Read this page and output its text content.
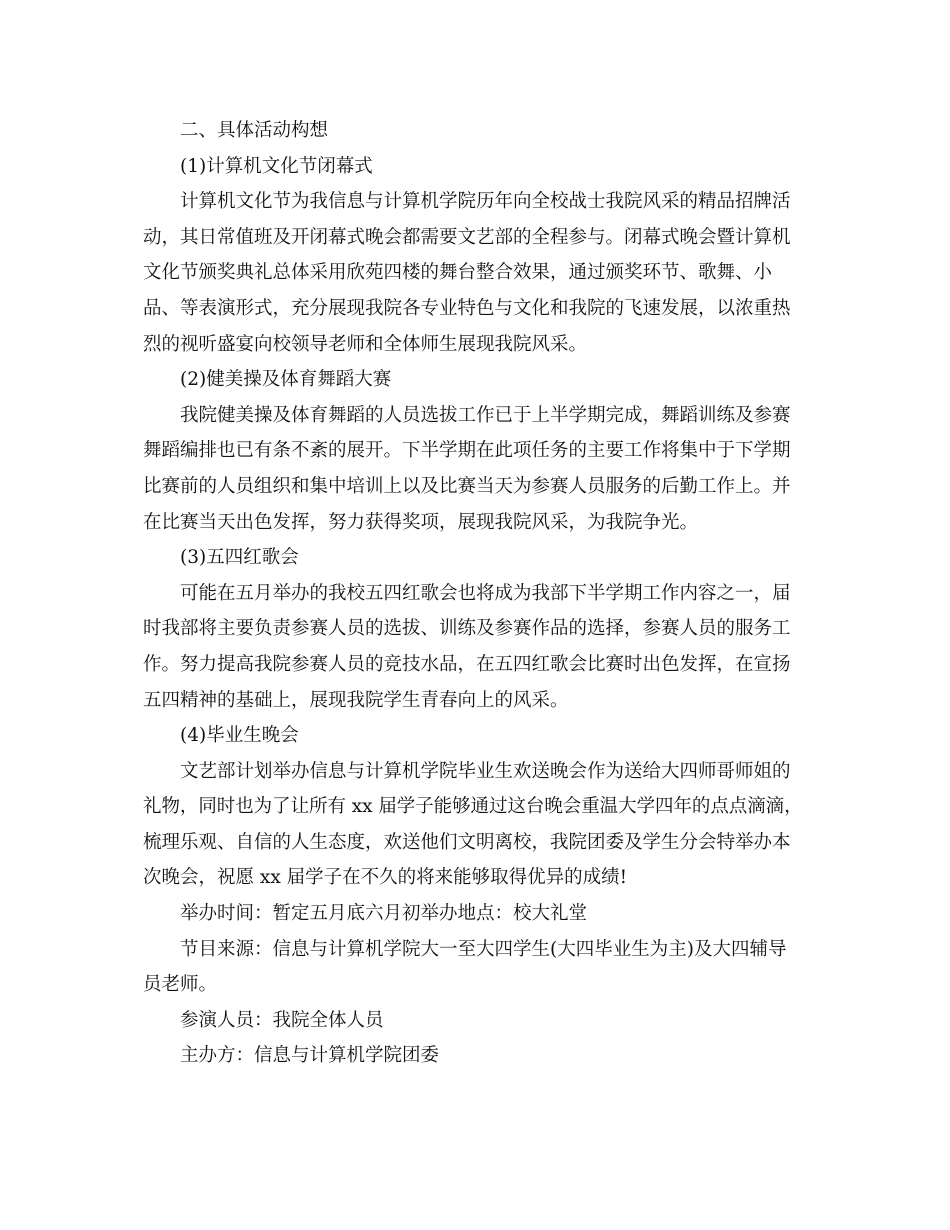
二、具体活动构想
(1)计算机文化节闭幕式
计算机文化节为我信息与计算机学院历年向全校战士我院风采的精品招牌活
动，其日常值班及开闭幕式晚会都需要文艺部的全程参与。闭幕式晚会暨计算机
文化节颁奖典礼总体采用欣苑四楼的舞台整合效果，通过颁奖环节、歌舞、小
品、等表演形式，充分展现我院各专业特色与文化和我院的飞速发展，以浓重热
烈的视听盛宴向校领导老师和全体师生展现我院风采。
(2)健美操及体育舞蹈大赛
我院健美操及体育舞蹈的人员选拔工作已于上半学期完成，舞蹈训练及参赛
舞蹈编排也已有条不紊的展开。下半学期在此项任务的主要工作将集中于下学期
比赛前的人员组织和集中培训上以及比赛当天为参赛人员服务的后勤工作上。并
在比赛当天出色发挥，努力获得奖项，展现我院风采，为我院争光。
(3)五四红歌会
可能在五月举办的我校五四红歌会也将成为我部下半学期工作内容之一，届
时我部将主要负责参赛人员的选拔、训练及参赛作品的选择，参赛人员的服务工
作。努力提高我院参赛人员的竞技水品，在五四红歌会比赛时出色发挥，在宣扬
五四精神的基础上，展现我院学生青春向上的风采。
(4)毕业生晚会
文艺部计划举办信息与计算机学院毕业生欢送晚会作为送给大四师哥师姐的
礼物，同时也为了让所有 xx 届学子能够通过这台晚会重温大学四年的点点滴滴，
梳理乐观、自信的人生态度，欢送他们文明离校，我院团委及学生分会特举办本
次晚会，祝愿 xx 届学子在不久的将来能够取得优异的成绩!
举办时间：暂定五月底六月初举办地点：校大礼堂
节目来源：信息与计算机学院大一至大四学生(大四毕业生为主)及大四辅导
员老师。
参演人员：我院全体人员
主办方：信息与计算机学院团委
